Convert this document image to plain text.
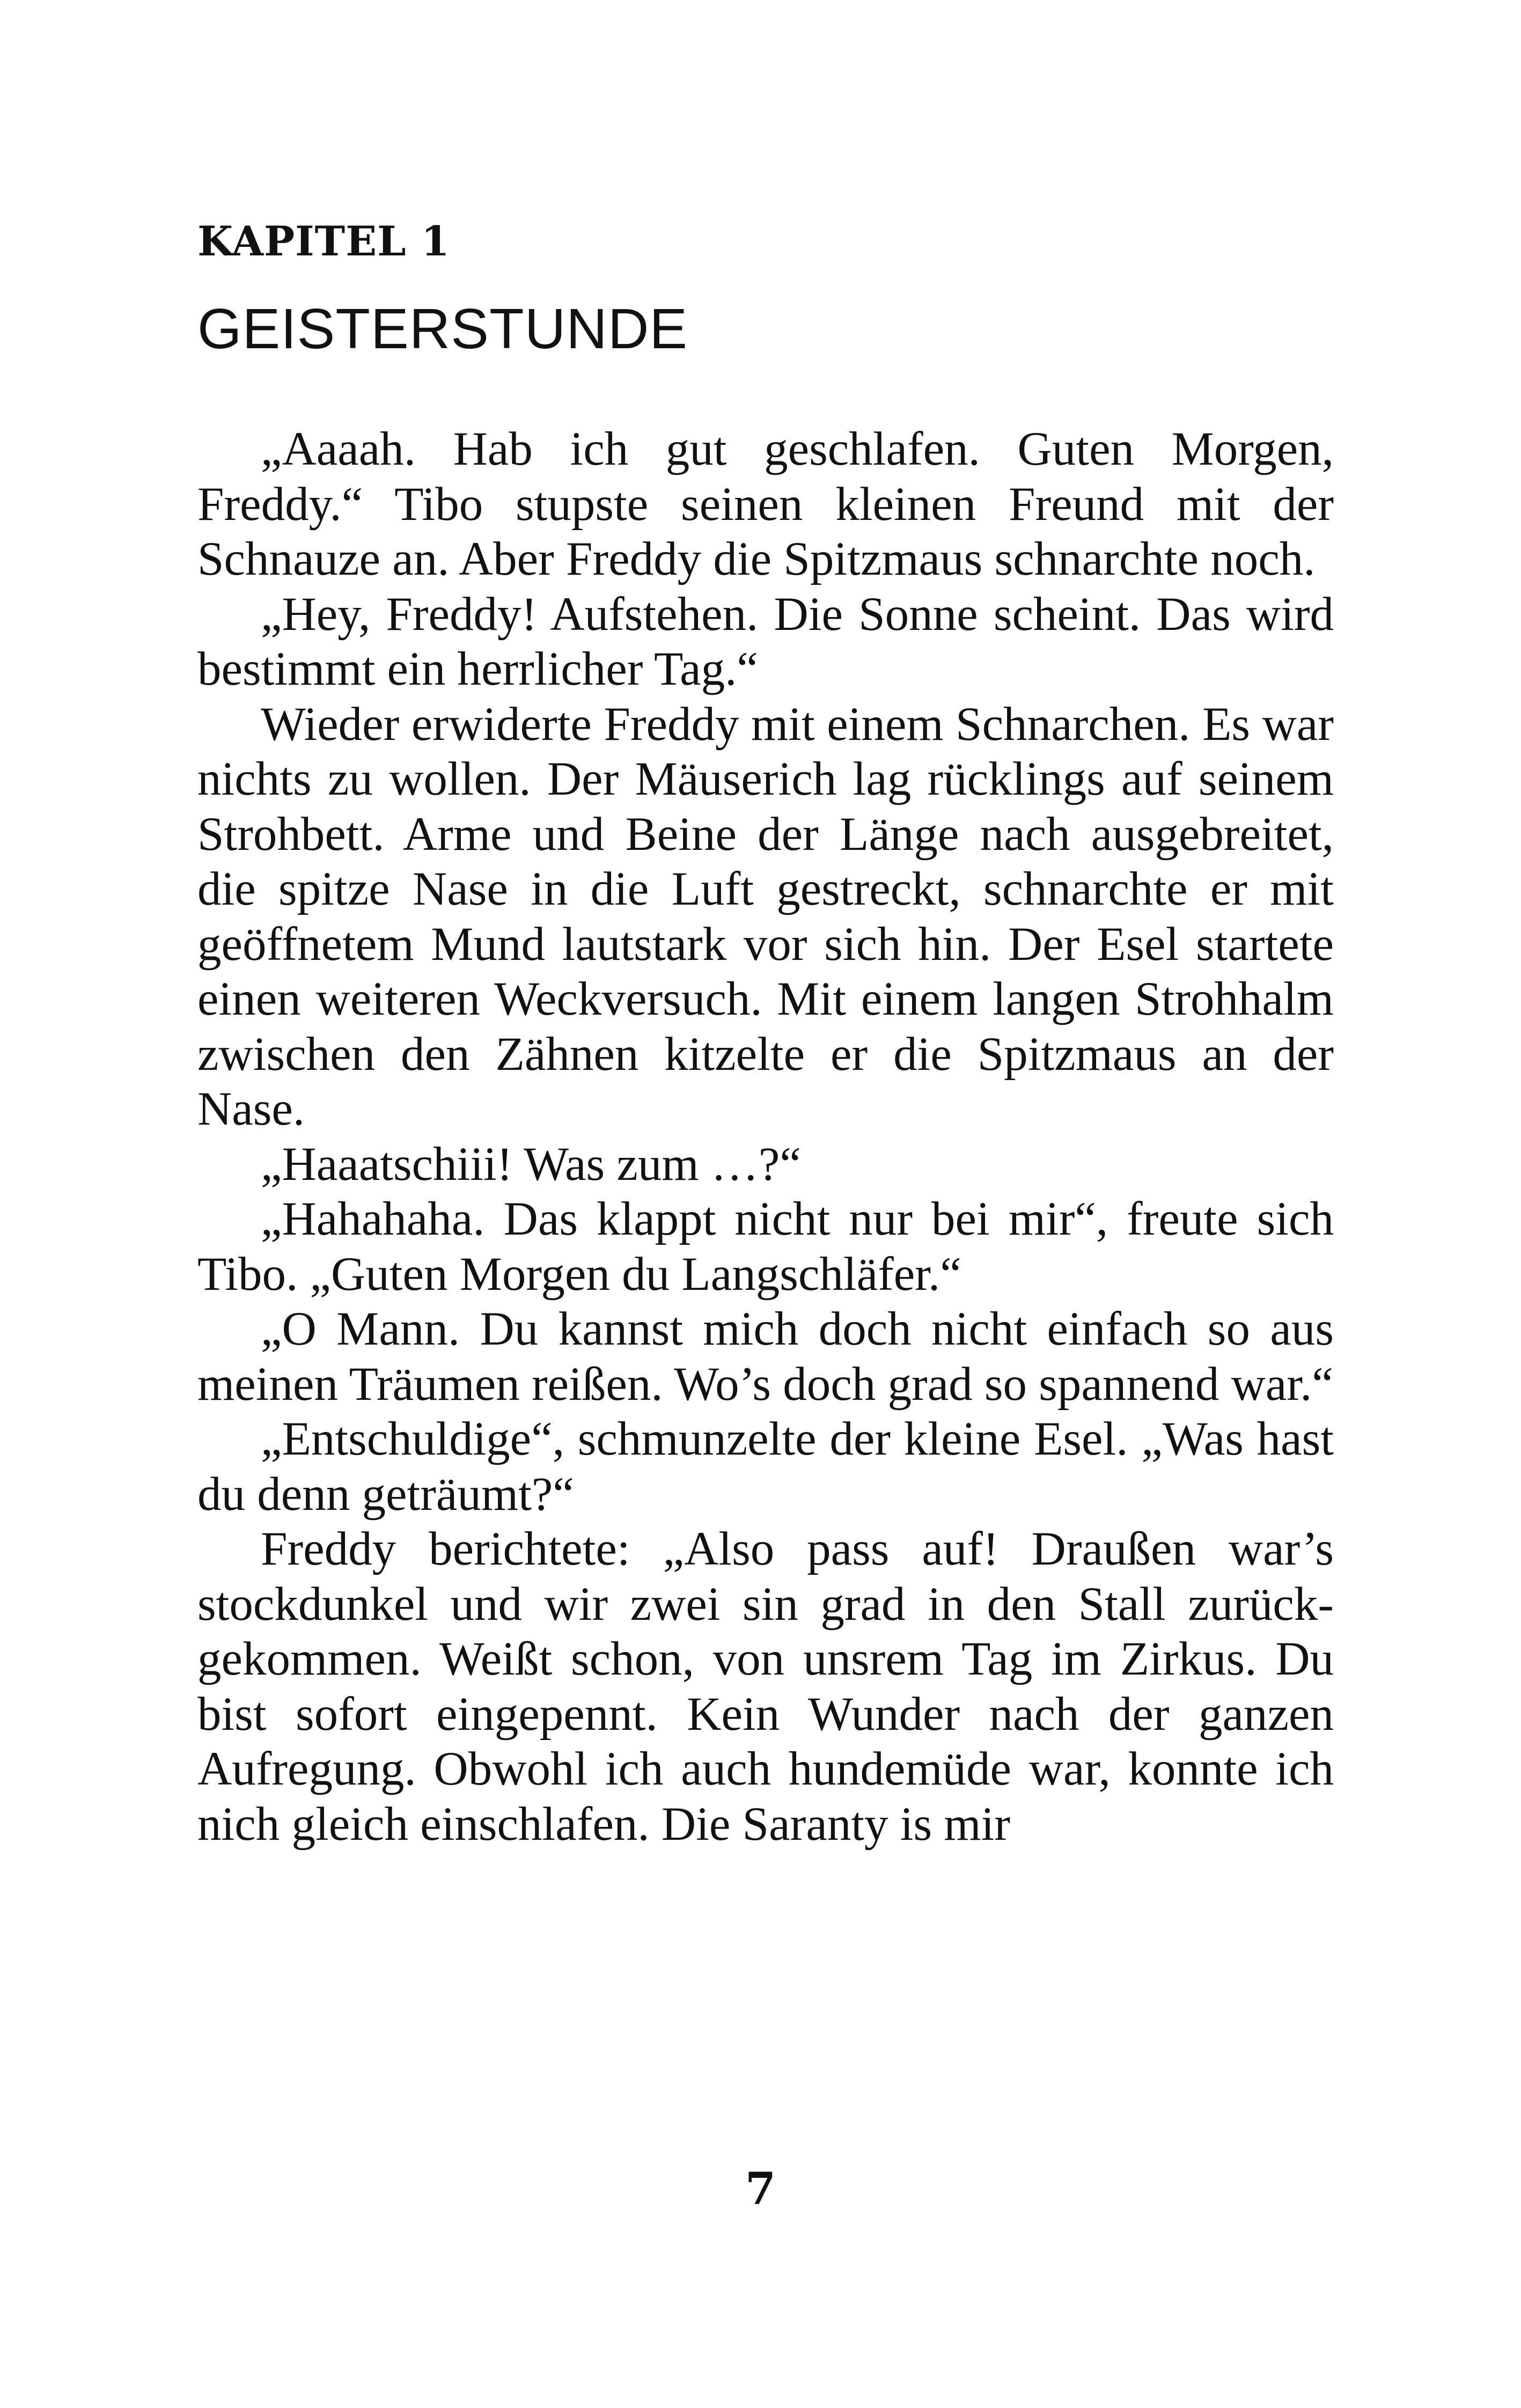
KAPITEL 1
GEISTERSTUNDE

„Aaaah. Hab ich gut geschlafen. Guten Morgen, Freddy.“ Tibo stupste seinen kleinen Freund mit der Schnauze an. Aber Freddy die Spitzmaus schnarchte noch.

„Hey, Freddy! Aufstehen. Die Sonne scheint. Das wird bestimmt ein herrlicher Tag.“

Wieder erwiderte Freddy mit einem Schnarchen. Es war nichts zu wollen. Der Mäuserich lag rücklings auf seinem Strohbett. Arme und Beine der Länge nach ausgebreitet, die spitze Nase in die Luft gestreckt, schnarchte er mit geöffnetem Mund lautstark vor sich hin. Der Esel startete einen weiteren Weckversuch. Mit einem langen Strohhalm zwischen den Zähnen kitzelte er die Spitzmaus an der Nase.

„Haaatschiii! Was zum …?“

„Hahahaha. Das klappt nicht nur bei mir“, freute sich Tibo. „Guten Morgen du Langschläfer.“

„O Mann. Du kannst mich doch nicht einfach so aus meinen Träumen reißen. Wo’s doch grad so spannend war.“

„Entschuldige“, schmunzelte der kleine Esel. „Was hast du denn geträumt?“

Freddy berichtete: „Also pass auf! Draußen war’s stockdunkel und wir zwei sin grad in den Stall zurückgekommen. Weißt schon, von unsrem Tag im Zirkus. Du bist sofort eingepennt. Kein Wunder nach der ganzen Aufregung. Obwohl ich auch hundemüde war, konnte ich nich gleich einschlafen. Die Saranty is mir

7
